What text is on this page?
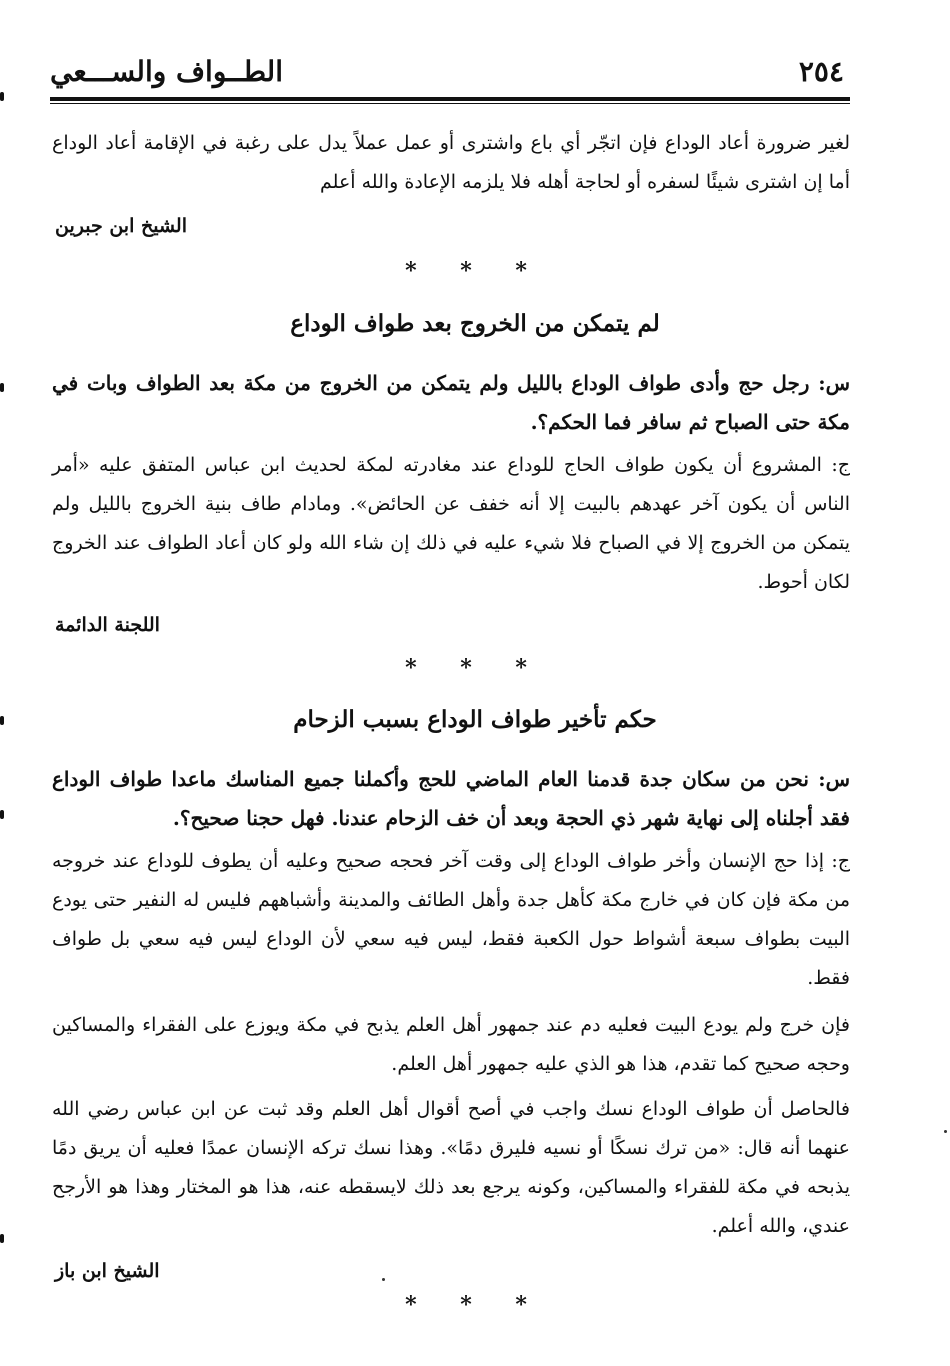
٢٥٤
الطــواف والســـعي
لغير ضرورة أعاد الوداع فإن اتجّر أي باع واشترى أو عمل عملاً يدل على رغبة في الإقامة أعاد الوداع أما إن اشترى شيئًا لسفره أو لحاجة أهله فلا يلزمه الإعادة والله أعلم
الشيخ ابن جبرين
* * *
لم يتمكن من الخروج بعد طواف الوداع
س: رجل حج وأدى طواف الوداع بالليل ولم يتمكن من الخروج من مكة بعد الطواف وبات في مكة حتى الصباح ثم سافر فما الحكم؟.
ج: المشروع أن يكون طواف الحاج للوداع عند مغادرته لمكة لحديث ابن عباس المتفق عليه «أمر الناس أن يكون آخر عهدهم بالبيت إلا أنه خفف عن الحائض». ومادام طاف بنية الخروج بالليل ولم يتمكن من الخروج إلا في الصباح فلا شيء عليه في ذلك إن شاء الله ولو كان أعاد الطواف عند الخروج لكان أحوط.
اللجنة الدائمة
* * *
حكم تأخير طواف الوداع بسبب الزحام
س: نحن من سكان جدة قدمنا العام الماضي للحج وأكملنا جميع المناسك ماعدا طواف الوداع فقد أجلناه إلى نهاية شهر ذي الحجة وبعد أن خف الزحام عندنا. فهل حجنا صحيح؟.
ج: إذا حج الإنسان وأخر طواف الوداع إلى وقت آخر فحجه صحيح وعليه أن يطوف للوداع عند خروجه من مكة فإن كان في خارج مكة كأهل جدة وأهل الطائف والمدينة وأشباههم فليس له النفير حتى يودع البيت بطواف سبعة أشواط حول الكعبة فقط، ليس فيه سعي لأن الوداع ليس فيه سعي بل طواف فقط.
فإن خرج ولم يودع البيت فعليه دم عند جمهور أهل العلم يذبح في مكة ويوزع على الفقراء والمساكين وحجه صحيح كما تقدم، هذا هو الذي عليه جمهور أهل العلم.
فالحاصل أن طواف الوداع نسك واجب في أصح أقوال أهل العلم وقد ثبت عن ابن عباس رضي الله عنهما أنه قال: «من ترك نسكًا أو نسيه فليرق دمًا». وهذا نسك تركه الإنسان عمدًا فعليه أن يريق دمًا يذبحه في مكة للفقراء والمساكين، وكونه يرجع بعد ذلك لايسقطه عنه، هذا هو المختار وهذا هو الأرجح عندي، والله أعلم.
الشيخ ابن باز
* * *
